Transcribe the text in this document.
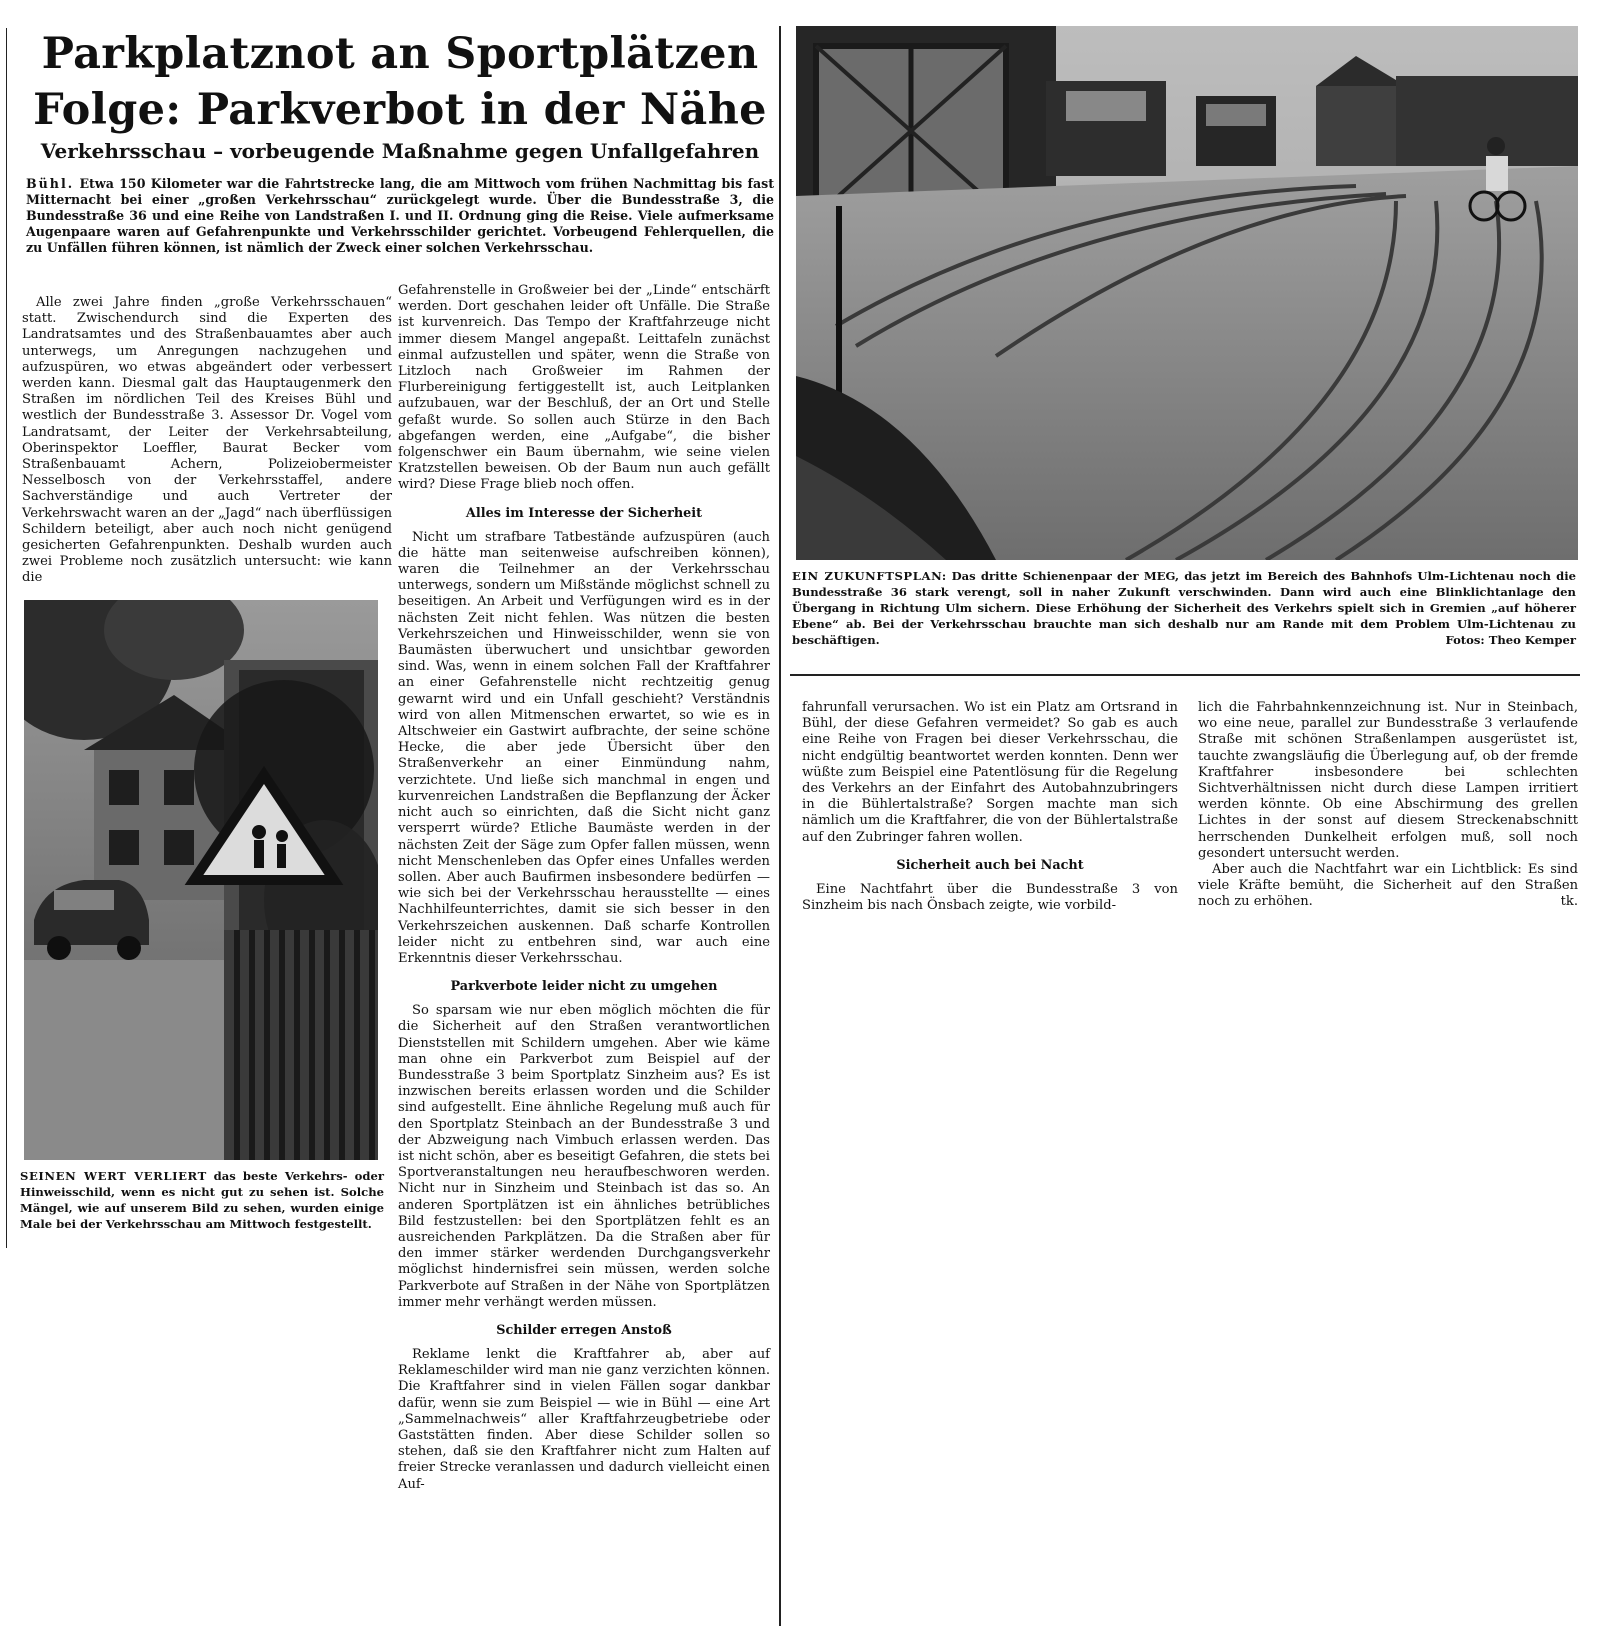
Parkplatznot an Sportplätzen
Folge: Parkverbot in der Nähe
Verkehrsschau – vorbeugende Maßnahme gegen Unfallgefahren
Bühl. Etwa 150 Kilometer war die Fahrtstrecke lang, die am Mittwoch vom frühen Nachmittag bis fast Mitternacht bei einer „großen Verkehrsschau“ zurückgelegt wurde. Über die Bundesstraße 3, die Bundesstraße 36 und eine Reihe von Landstraßen I. und II. Ordnung ging die Reise. Viele aufmerksame Augenpaare waren auf Gefahrenpunkte und Verkehrsschilder gerichtet. Vorbeugend Fehlerquellen, die zu Unfällen führen können, ist nämlich der Zweck einer solchen Verkehrsschau.

Alle zwei Jahre finden „große Verkehrsschauen“ statt. Zwischendurch sind die Experten des Landratsamtes und des Straßenbauamtes aber auch unterwegs, um Anregungen nachzugehen und aufzuspüren, wo etwas abgeändert oder verbessert werden kann. Diesmal galt das Hauptaugenmerk den Straßen im nördlichen Teil des Kreises Bühl und westlich der Bundesstraße 3. Assessor Dr. Vogel vom Landratsamt, der Leiter der Verkehrsabteilung, Oberinspektor Loeffler, Baurat Becker vom Straßenbauamt Achern, Polizeiobermeister Nesselbosch von der Verkehrsstaffel, andere Sachverständige und auch Vertreter der Verkehrswacht waren an der „Jagd“ nach überflüssigen Schildern beteiligt, aber auch noch nicht genügend gesicherten Gefahrenpunkten. Deshalb wurden auch zwei Probleme noch zusätzlich untersucht: wie kann die

SEINEN WERT VERLIERT das beste Verkehrs- oder Hinweisschild, wenn es nicht gut zu sehen ist. Solche Mängel, wie auf unserem Bild zu sehen, wurden einige Male bei der Verkehrsschau am Mittwoch festgestellt.

Gefahrenstelle in Großweier bei der „Linde“ entschärft werden. Dort geschahen leider oft Unfälle. Die Straße ist kurvenreich. Das Tempo der Kraftfahrzeuge nicht immer diesem Mangel angepaßt. Leittafeln zunächst einmal aufzustellen und später, wenn die Straße von Litzloch nach Großweier im Rahmen der Flurbereinigung fertiggestellt ist, auch Leitplanken aufzubauen, war der Beschluß, der an Ort und Stelle gefaßt wurde. So sollen auch Stürze in den Bach abgefangen werden, eine „Aufgabe“, die bisher folgenschwer ein Baum übernahm, wie seine vielen Kratzstellen beweisen. Ob der Baum nun auch gefällt wird? Diese Frage blieb noch offen.

Alles im Interesse der Sicherheit

Nicht um strafbare Tatbestände aufzuspüren (auch die hätte man seitenweise aufschreiben können), waren die Teilnehmer an der Verkehrsschau unterwegs, sondern um Mißstände möglichst schnell zu beseitigen. An Arbeit und Verfügungen wird es in der nächsten Zeit nicht fehlen. Was nützen die besten Verkehrszeichen und Hinweisschilder, wenn sie von Baumästen überwuchert und unsichtbar geworden sind. Was, wenn in einem solchen Fall der Kraftfahrer an einer Gefahrenstelle nicht rechtzeitig genug gewarnt wird und ein Unfall geschieht? Verständnis wird von allen Mitmenschen erwartet, so wie es in Altschweier ein Gastwirt aufbrachte, der seine schöne Hecke, die aber jede Übersicht über den Straßenverkehr an einer Einmündung nahm, verzichtete. Und ließe sich manchmal in engen und kurvenreichen Landstraßen die Bepflanzung der Äcker nicht auch so einrichten, daß die Sicht nicht ganz versperrt würde? Etliche Baumäste werden in der nächsten Zeit der Säge zum Opfer fallen müssen, wenn nicht Menschenleben das Opfer eines Unfalles werden sollen. Aber auch Baufirmen insbesondere bedürfen — wie sich bei der Verkehrsschau herausstellte — eines Nachhilfeunterrichtes, damit sie sich besser in den Verkehrszeichen auskennen. Daß scharfe Kontrollen leider nicht zu entbehren sind, war auch eine Erkenntnis dieser Verkehrsschau.

Parkverbote leider nicht zu umgehen

So sparsam wie nur eben möglich möchten die für die Sicherheit auf den Straßen verantwortlichen Dienststellen mit Schildern umgehen. Aber wie käme man ohne ein Parkverbot zum Beispiel auf der Bundesstraße 3 beim Sportplatz Sinzheim aus? Es ist inzwischen bereits erlassen worden und die Schilder sind aufgestellt. Eine ähnliche Regelung muß auch für den Sportplatz Steinbach an der Bundesstraße 3 und der Abzweigung nach Vimbuch erlassen werden. Das ist nicht schön, aber es beseitigt Gefahren, die stets bei Sportveranstaltungen neu heraufbeschworen werden. Nicht nur in Sinzheim und Steinbach ist das so. An anderen Sportplätzen ist ein ähnliches betrübliches Bild festzustellen: bei den Sportplätzen fehlt es an ausreichenden Parkplätzen. Da die Straßen aber für den immer stärker werdenden Durchgangsverkehr möglichst hindernisfrei sein müssen, werden solche Parkverbote auf Straßen in der Nähe von Sportplätzen immer mehr verhängt werden müssen.

Schilder erregen Anstoß

Reklame lenkt die Kraftfahrer ab, aber auf Reklameschilder wird man nie ganz verzichten können. Die Kraftfahrer sind in vielen Fällen sogar dankbar dafür, wenn sie zum Beispiel — wie in Bühl — eine Art „Sammelnachweis“ aller Kraftfahrzeugbetriebe oder Gaststätten finden. Aber diese Schilder sollen so stehen, daß sie den Kraftfahrer nicht zum Halten auf freier Strecke veranlassen und dadurch vielleicht einen Auf-

EIN ZUKUNFTSPLAN: Das dritte Schienenpaar der MEG, das jetzt im Bereich des Bahnhofs Ulm-Lichtenau noch die Bundesstraße 36 stark verengt, soll in naher Zukunft verschwinden. Dann wird auch eine Blinklichtanlage den Übergang in Richtung Ulm sichern. Diese Erhöhung der Sicherheit des Verkehrs spielt sich in Gremien „auf höherer Ebene“ ab. Bei der Verkehrsschau brauchte man sich deshalb nur am Rande mit dem Problem Ulm-Lichtenau zu beschäftigen.	Fotos: Theo Kemper

fahrunfall verursachen. Wo ist ein Platz am Ortsrand in Bühl, der diese Gefahren vermeidet? So gab es auch eine Reihe von Fragen bei dieser Verkehrsschau, die nicht endgültig beantwortet werden konnten. Denn wer wüßte zum Beispiel eine Patentlösung für die Regelung des Verkehrs an der Einfahrt des Autobahnzubringers in die Bühlertalstraße? Sorgen machte man sich nämlich um die Kraftfahrer, die von der Bühlertalstraße auf den Zubringer fahren wollen.

Sicherheit auch bei Nacht

Eine Nachtfahrt über die Bundesstraße 3 von Sinzheim bis nach Önsbach zeigte, wie vorbild-

lich die Fahrbahnkennzeichnung ist. Nur in Steinbach, wo eine neue, parallel zur Bundesstraße 3 verlaufende Straße mit schönen Straßenlampen ausgerüstet ist, tauchte zwangsläufig die Überlegung auf, ob der fremde Kraftfahrer insbesondere bei schlechten Sichtverhältnissen nicht durch diese Lampen irritiert werden könnte. Ob eine Abschirmung des grellen Lichtes in der sonst auf diesem Streckenabschnitt herrschenden Dunkelheit erfolgen muß, soll noch gesondert untersucht werden.

Aber auch die Nachtfahrt war ein Lichtblick: Es sind viele Kräfte bemüht, die Sicherheit auf den Straßen noch zu erhöhen.	tk.
